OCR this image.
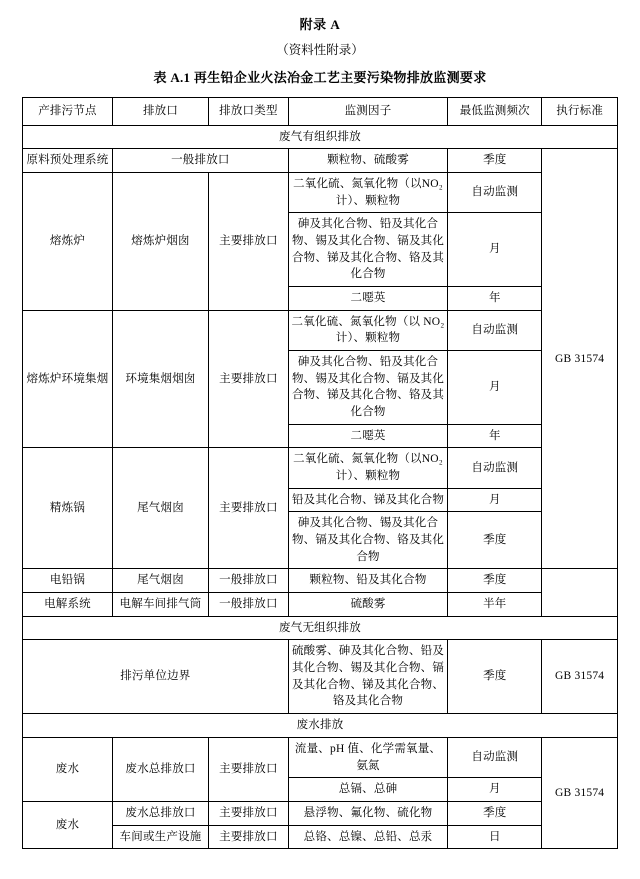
附录 A
（资料性附录）
表 A.1 再生铅企业火法冶金工艺主要污染物排放监测要求
产排污节点	排放口	排放口类型	监测因子	最低监测频次	执行标准
废气有组织排放					
原料预处理系统	一般排放口		颗粒物、硫酸雾	季度	GB 31574
熔炼炉	熔炼炉烟囱	主要排放口	二氧化硫、氮氧化物（以NO₂计）、颗粒物	自动监测	
			砷及其化合物、铅及其化合物、锡及其化合物、镉及其化合物、锑及其化合物、铬及其化合物	月	
			二噁英	年	
熔炼炉环境集烟	环境集烟烟囱	主要排放口	二氧化硫、氮氧化物（以 NO₂计）、颗粒物	自动监测	
			砷及其化合物、铅及其化合物、锡及其化合物、镉及其化合物、锑及其化合物、铬及其化合物	月	
			二噁英	年	
精炼锅	尾气烟囱	主要排放口	二氧化硫、氮氧化物（以NO₂计）、颗粒物	自动监测	
			铅及其化合物、锑及其化合物	月	
			砷及其化合物、锡及其化合物、镉及其化合物、铬及其化合物	季度	
电铅锅	尾气烟囱	一般排放口	颗粒物、铅及其化合物	季度	
电解系统	电解车间排气筒	一般排放口	硫酸雾	半年	
废气无组织排放					
排污单位边界			硫酸雾、砷及其化合物、铅及其化合物、锡及其化合物、镉及其化合物、锑及其化合物、铬及其化合物	季度	GB 31574
废水排放					
废水	废水总排放口	主要排放口	流量、pH 值、化学需氧量、氨氮	自动监测	GB 31574
			总镉、总砷	月	
废水	废水总排放口	主要排放口	悬浮物、氟化物、硫化物	季度	
	车间或生产设施	主要排放口	总铬、总镍、总铅、总汞	日	
